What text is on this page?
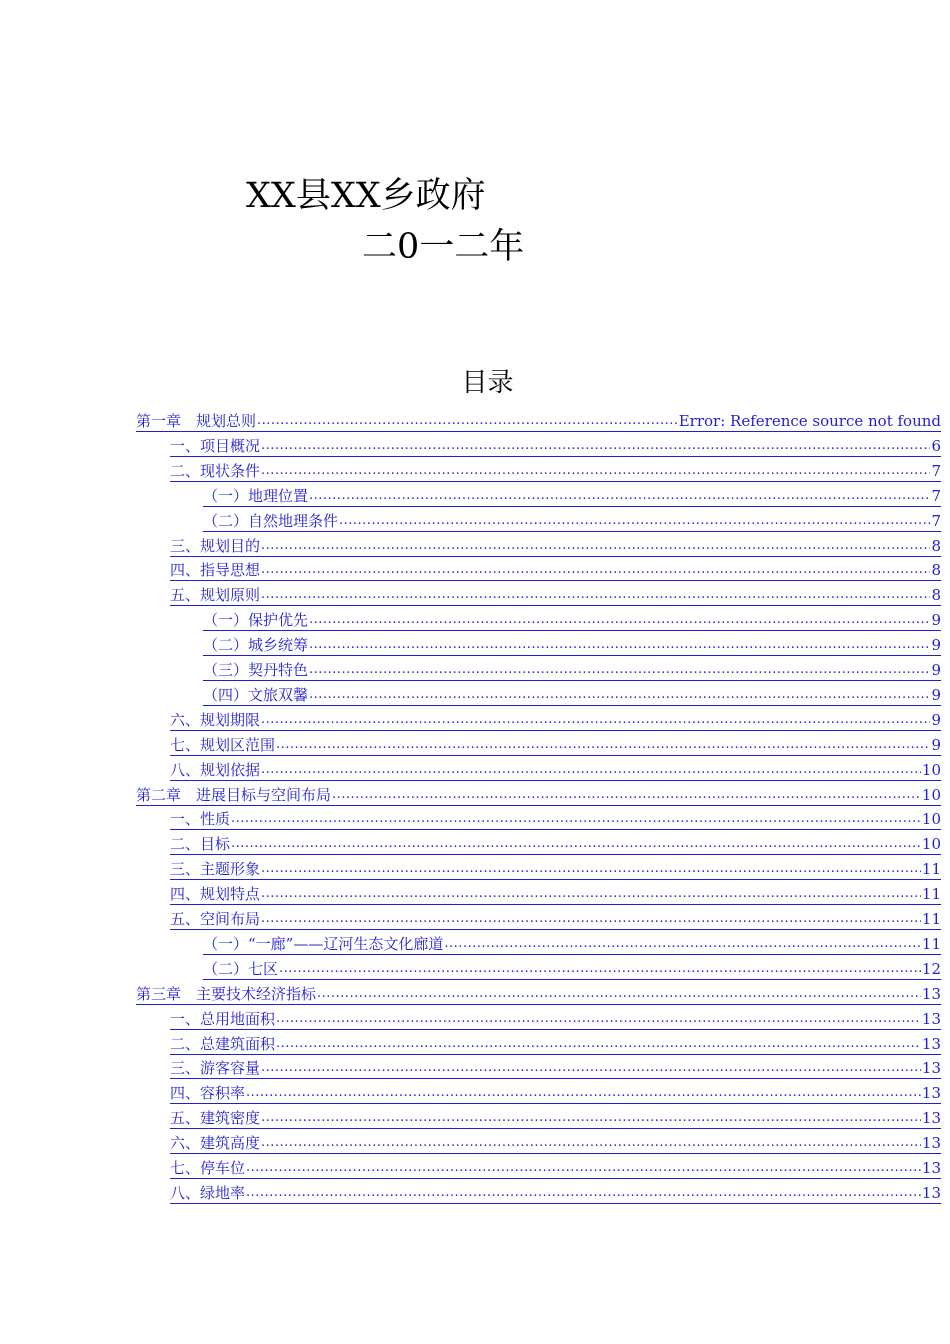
XX县XX乡政府
二0一二年
目录
第一章　规划总则 .....	Error: Reference source not found
一、项目概况 .....	6
二、现状条件 .....	7
（一）地理位置 .....	7
（二）自然地理条件 .....	7
三、规划目的 .....	8
四、指导思想 .....	8
五、规划原则 .....	8
（一）保护优先 .....	9
（二）城乡统筹 .....	9
（三）契丹特色 .....	9
（四）文旅双馨 .....	9
六、规划期限 .....	9
七、规划区范围 .....	9
八、规划依据 .....	10
第二章　进展目标与空间布局 .....	10
一、性质 .....	10
二、目标 .....	10
三、主题形象 .....	11
四、规划特点 .....	11
五、空间布局 .....	11
（一）“一廊”——辽河生态文化廊道 .....	11
（二）七区 .....	12
第三章　主要技术经济指标 .....	13
一、总用地面积 .....	13
二、总建筑面积 .....	13
三、游客容量 .....	13
四、容积率 .....	13
五、建筑密度 .....	13
六、建筑高度 .....	13
七、停车位 .....	13
八、绿地率 .....	13
